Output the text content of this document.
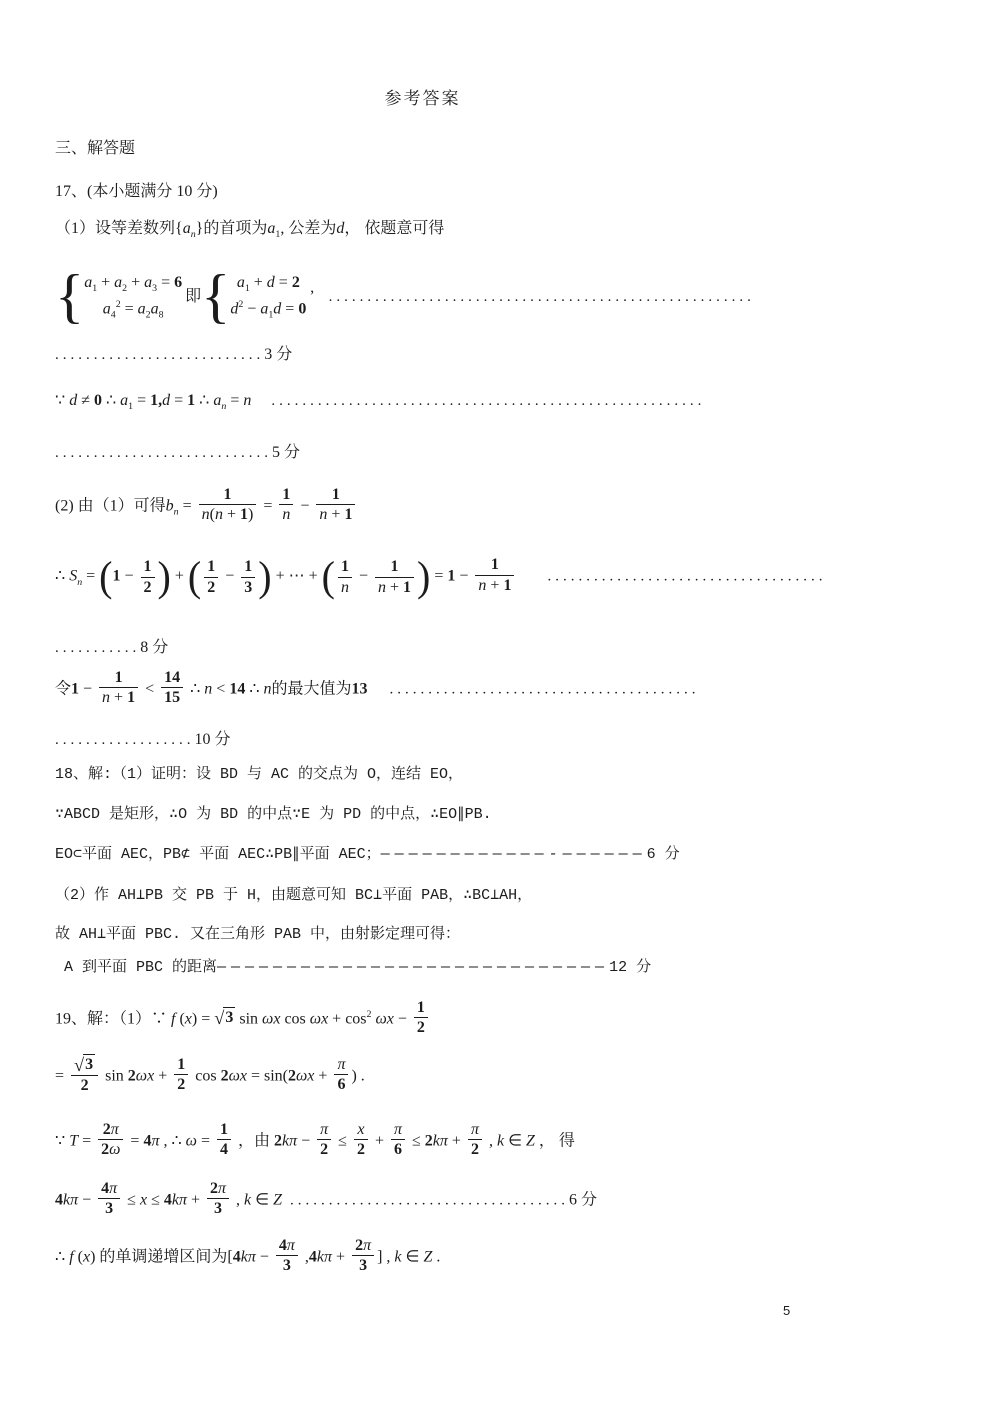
参考答案
三、解答题
17、(本小题满分 10 分)
（1）设等差数列$\{a_n\}$的首项为$a_1$, 公差为d， 依题意可得
{ $a_1 + a_2 + a_3 = 6$
$a_4^2 = a_2a_8$
即 { $a_1 + d = 2$
$d^2 - a_1d = 0$
’ .......................................................
...........................3 分
∵ d ≠ 0 ∴ $a_1 = 1,d = 1$ ∴ $a_n = n$ ........................................................
............................5 分
(2) 由（1）可得$b_n = \frac{1}{n(n + 1)} = \frac{1}{n} - \frac{1}{n + 1}$
∴ $S_n$ = ( $1 - \frac{1}{2}$ ) + ( $\frac{1}{2} - \frac{1}{3}$ ) + ⋯ + ( $\frac{1}{n} - \frac{1}{n + 1}$ ) = $1 - \frac{1}{n + 1}$ ....................................
...........8 分
令$1 - \frac{1}{n + 1} < \frac{14}{15}$ ∴ n < 14 ∴ n的最大值为13 ........................................
..................10 分
18、解:（1）证明：设 BD 与 AC 的交点为 O，连结 EO，
∵ABCD 是矩形，∴O 为 BD 的中点∵E 为 PD 的中点，∴EO∥PB.
EO⊂平面 AEC，PB⊄ 平面 AEC∴PB∥平面 AEC；————————————-——————6 分
（2）作 AH⊥PB 交 PB 于 H，由题意可知 BC⊥平面 PAB，∴BC⊥AH，
故 AH⊥平面 PBC. 又在三角形 PAB 中，由射影定理可得：
A 到平面 PBC 的距离————————————————————————————12 分
19、解：（1）∵ f (x) = √ 3 sin ωx $\cos \omega x + \cos^2 \omega x - \frac{1}{2}$
= $\frac{√ 3}{2}$ $\sin 2\omega x + \frac{1}{2}$ $\cos 2\omega x = \sin(2\omega x + \frac{\pi}{6}$ ) .
∵ $T = \frac{2\pi}{2\omega} = 4\pi$ , ∴ $\omega = \frac{1}{4}$ ，由 $2k\pi - \frac{\pi}{2} \le \frac{x}{2} + \frac{\pi}{6} \le 2k\pi + \frac{\pi}{2}$ , k ∈ Z ， 得
$4k\pi - \frac{4\pi}{3} \le x \le 4k\pi + \frac{2\pi}{3}$ , k ∈ Z ....................................6 分
∴ f (x) 的单调递增区间为[$4k\pi - \frac{4\pi}{3} ,4k\pi + \frac{2\pi}{3}$ ] , k ∈ Z .
5
